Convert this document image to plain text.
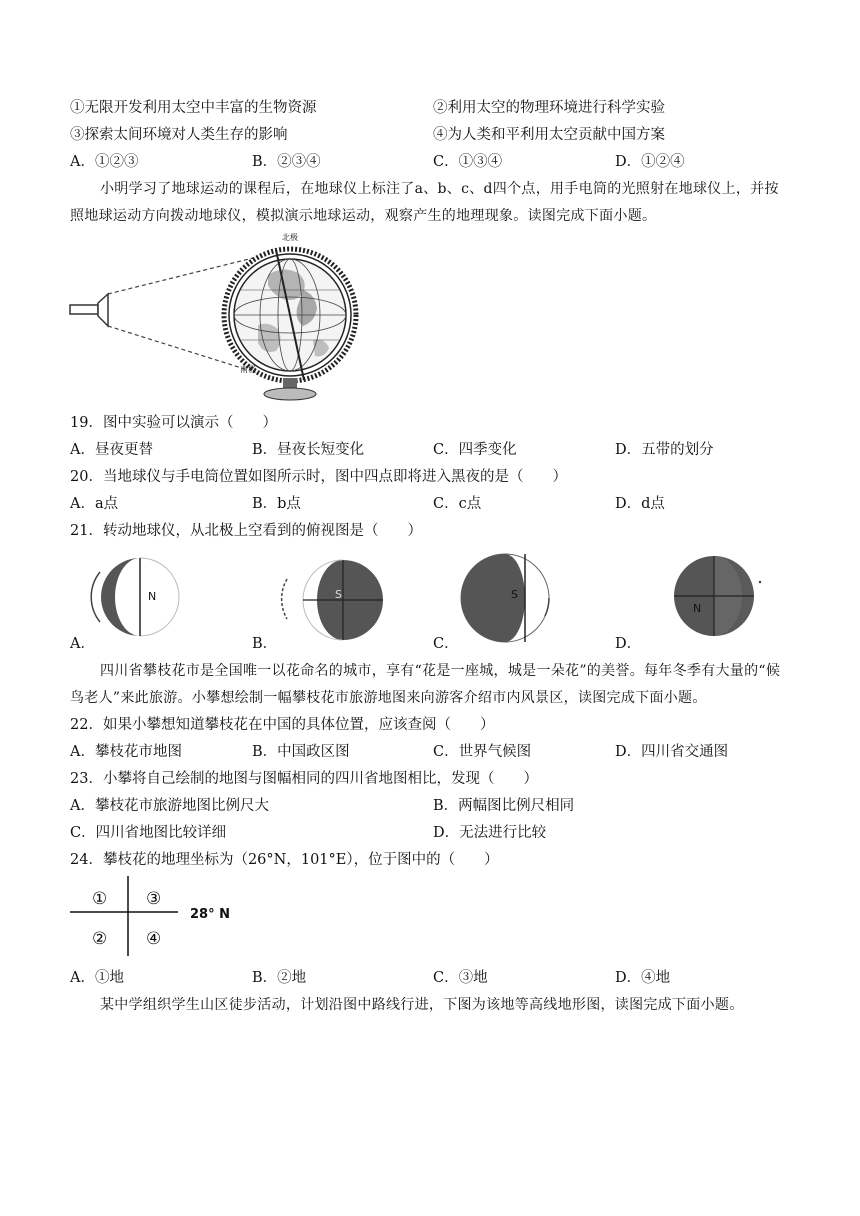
①无限开发利用太空中丰富的生物资源	②利用太空的物理环境进行科学实验
③探索太间环境对人类生存的影响	④为人类和平利用太空贡献中国方案
A．①②③	B．②③④	C．①③④	D．①②④
小明学习了地球运动的课程后，在地球仪上标注了a、b、c、d四个点，用手电筒的光照射在地球仪上，并按照地球运动方向拨动地球仪，模拟演示地球运动，观察产生的地理现象。读图完成下面小题。
北极
南极
19．图中实验可以演示（　　）
A．昼夜更替	B．昼夜长短变化	C．四季变化	D．五带的划分
20．当地球仪与手电筒位置如图所示时，图中四点即将进入黑夜的是（　　）
A．a点	B．b点	C．c点	D．d点
21．转动地球仪，从北极上空看到的俯视图是（　　）
N	S	S
N
A．	B．	C．	D．
四川省攀枝花市是全国唯一以花命名的城市，享有“花是一座城，城是一朵花”的美誉。每年冬季有大量的“候鸟老人”来此旅游。小攀想绘制一幅攀枝花市旅游地图来向游客介绍市内风景区，读图完成下面小题。
22．如果小攀想知道攀枝花在中国的具体位置，应该查阅（　　）
A．攀枝花市地图	B．中国政区图	C．世界气候图	D．四川省交通图
23．小攀将自己绘制的地图与图幅相同的四川省地图相比，发现（　　）
A．攀枝花市旅游地图比例尺大	B．两幅图比例尺相同
C．四川省地图比较详细	D．无法进行比较
24．攀枝花的地理坐标为（26°N，101°E），位于图中的（　　）
① ③
② ④
28° N
A．①地	B．②地	C．③地	D．④地
某中学组织学生山区徒步活动，计划沿图中路线行进，下图为该地等高线地形图，读图完成下面小题。
